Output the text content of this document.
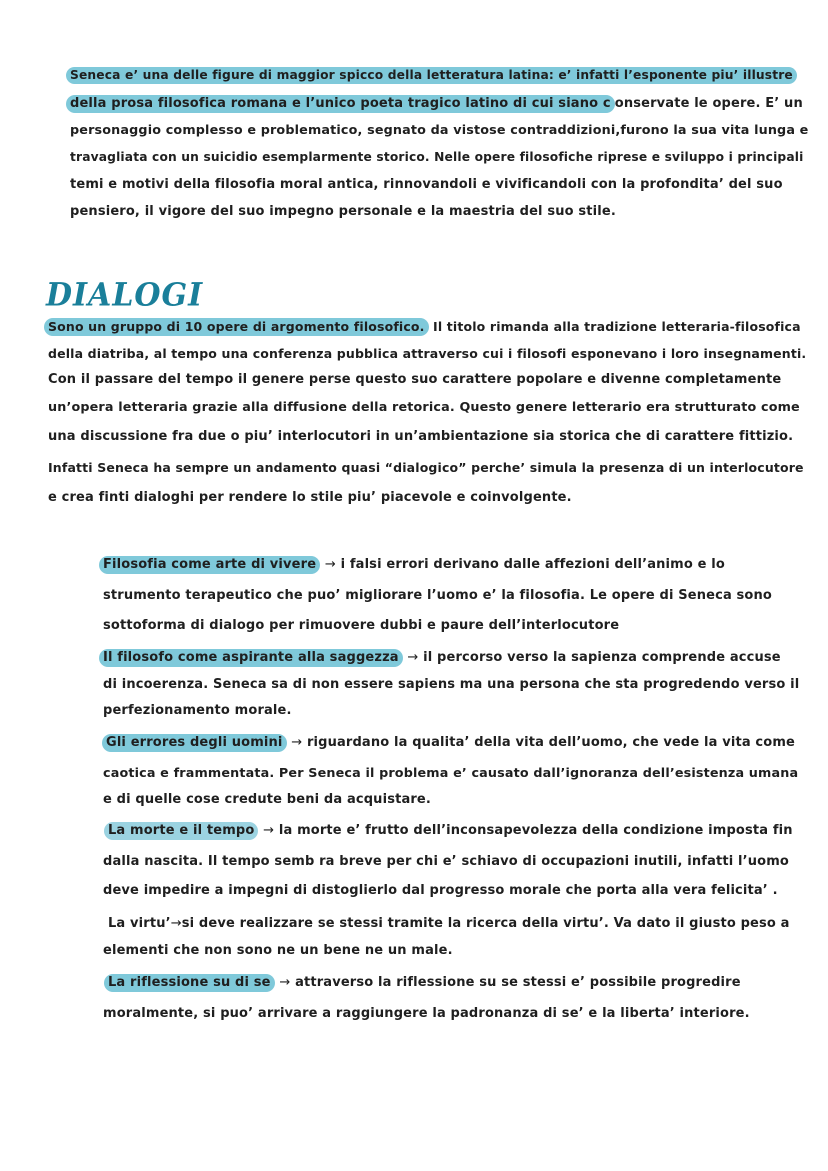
Seneca e’ una delle figure di maggior spicco della letteratura latina: e’ infatti l’esponente piu’ illustre
della prosa filosofica romana e l’unico poeta tragico latino di cui siano c onservate le opere. E’ un
personaggio complesso e problematico, segnato da vistose contraddizioni,furono la sua vita lunga e
travagliata con un suicidio esemplarmente storico. Nelle opere filosofiche riprese e sviluppo i principali
temi e motivi della filosofia moral antica, rinnovandoli e vivificandoli con la profondita’ del suo
pensiero, il vigore del suo impegno personale e la maestria del suo stile.
DIALOGI
Sono un gruppo di 10 opere di argomento filosofico. Il titolo rimanda alla tradizione letteraria-filosofica
della diatriba, al tempo una conferenza pubblica attraverso cui i filosofi esponevano i loro insegnamenti.
Con il passare del tempo il genere perse questo suo carattere popolare e divenne completamente
un’opera letteraria grazie alla diffusione della retorica. Questo genere letterario era strutturato come
una discussione fra due o piu’ interlocutori in un’ambientazione sia storica che di carattere fittizio.
Infatti Seneca ha sempre un andamento quasi “dialogico” perche’ simula la presenza di un interlocutore
e crea finti dialoghi per rendere lo stile piu’ piacevole e coinvolgente.
Filosofia come arte di vivere → i falsi errori derivano dalle affezioni dell’animo e lo
strumento terapeutico che puo’ migliorare l’uomo e’ la filosofia. Le opere di Seneca sono
sottoforma di dialogo per rimuovere dubbi e paure dell’interlocutore
Il filosofo come aspirante alla saggezza → il percorso verso la sapienza comprende accuse
di incoerenza. Seneca sa di non essere sapiens ma una persona che sta progredendo verso il
perfezionamento morale.
Gli errores degli uomini → riguardano la qualita’ della vita dell’uomo, che vede la vita come
caotica e frammentata. Per Seneca il problema e’ causato dall’ignoranza dell’esistenza umana
e di quelle cose credute beni da acquistare.
La morte e il tempo → la morte e’ frutto dell’inconsapevolezza della condizione imposta fin
dalla nascita. Il tempo semb ra breve per chi e’ schiavo di occupazioni inutili, infatti l’uomo
deve impedire a impegni di distoglierlo dal progresso morale che porta alla vera felicita’ .
La virtu’→si deve realizzare se stessi tramite la ricerca della virtu’. Va dato il giusto peso a
elementi che non sono ne un bene ne un male.
La riflessione su di se → attraverso la riflessione su se stessi e’ possibile progredire
moralmente, si puo’ arrivare a raggiungere la padronanza di se’ e la liberta’ interiore.
